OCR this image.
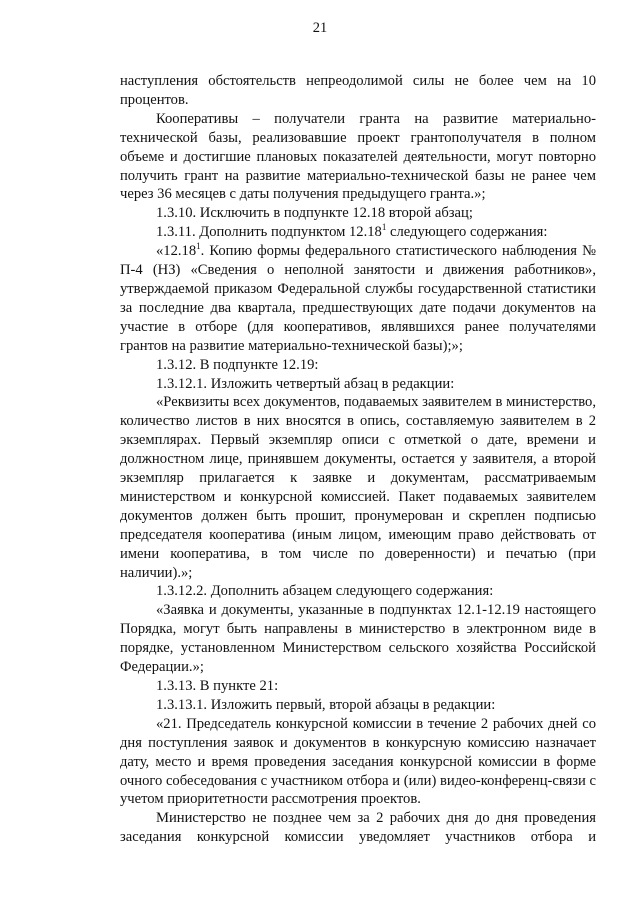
21

наступления обстоятельств непреодолимой силы не более чем на 10 процентов.

Кооперативы – получатели гранта на развитие материально-технической базы, реализовавшие проект грантополучателя в полном объеме и достигшие плановых показателей деятельности, могут повторно получить грант на развитие материально-технической базы не ранее чем через 36 месяцев с даты получения предыдущего гранта.»;

1.3.10. Исключить в подпункте 12.18 второй абзац;

1.3.11. Дополнить подпунктом 12.18$^1$ следующего содержания:

«12.18$^1$. Копию формы федерального статистического наблюдения № П-4 (НЗ) «Сведения о неполной занятости и движения работников», утверждаемой приказом Федеральной службы государственной статистики за последние два квартала, предшествующих дате подачи документов на участие в отборе (для кооперативов, являвшихся ранее получателями грантов на развитие материально-технической базы);»;

1.3.12. В подпункте 12.19:

1.3.12.1. Изложить четвертый абзац в редакции:

«Реквизиты всех документов, подаваемых заявителем в министерство, количество листов в них вносятся в опись, составляемую заявителем в 2 экземплярах. Первый экземпляр описи с отметкой о дате, времени и должностном лице, принявшем документы, остается у заявителя, а второй экземпляр прилагается к заявке и документам, рассматриваемым министерством и конкурсной комиссией. Пакет подаваемых заявителем документов должен быть прошит, пронумерован и скреплен подписью председателя кооператива (иным лицом, имеющим право действовать от имени кооператива, в том числе по доверенности) и печатью (при наличии).»;

1.3.12.2. Дополнить абзацем следующего содержания:

«Заявка и документы, указанные в подпунктах 12.1-12.19 настоящего Порядка, могут быть направлены в министерство в электронном виде в порядке, установленном Министерством сельского хозяйства Российской Федерации.»;

1.3.13. В пункте 21:

1.3.13.1. Изложить первый, второй абзацы в редакции:

«21. Председатель конкурсной комиссии в течение 2 рабочих дней со дня поступления заявок и документов в конкурсную комиссию назначает дату, место и время проведения заседания конкурсной комиссии в форме очного собеседования с участником отбора и (или) видео-конференц-связи с учетом приоритетности рассмотрения проектов.

Министерство не позднее чем за 2 рабочих дня до дня проведения заседания конкурсной комиссии уведомляет участников отбора и
